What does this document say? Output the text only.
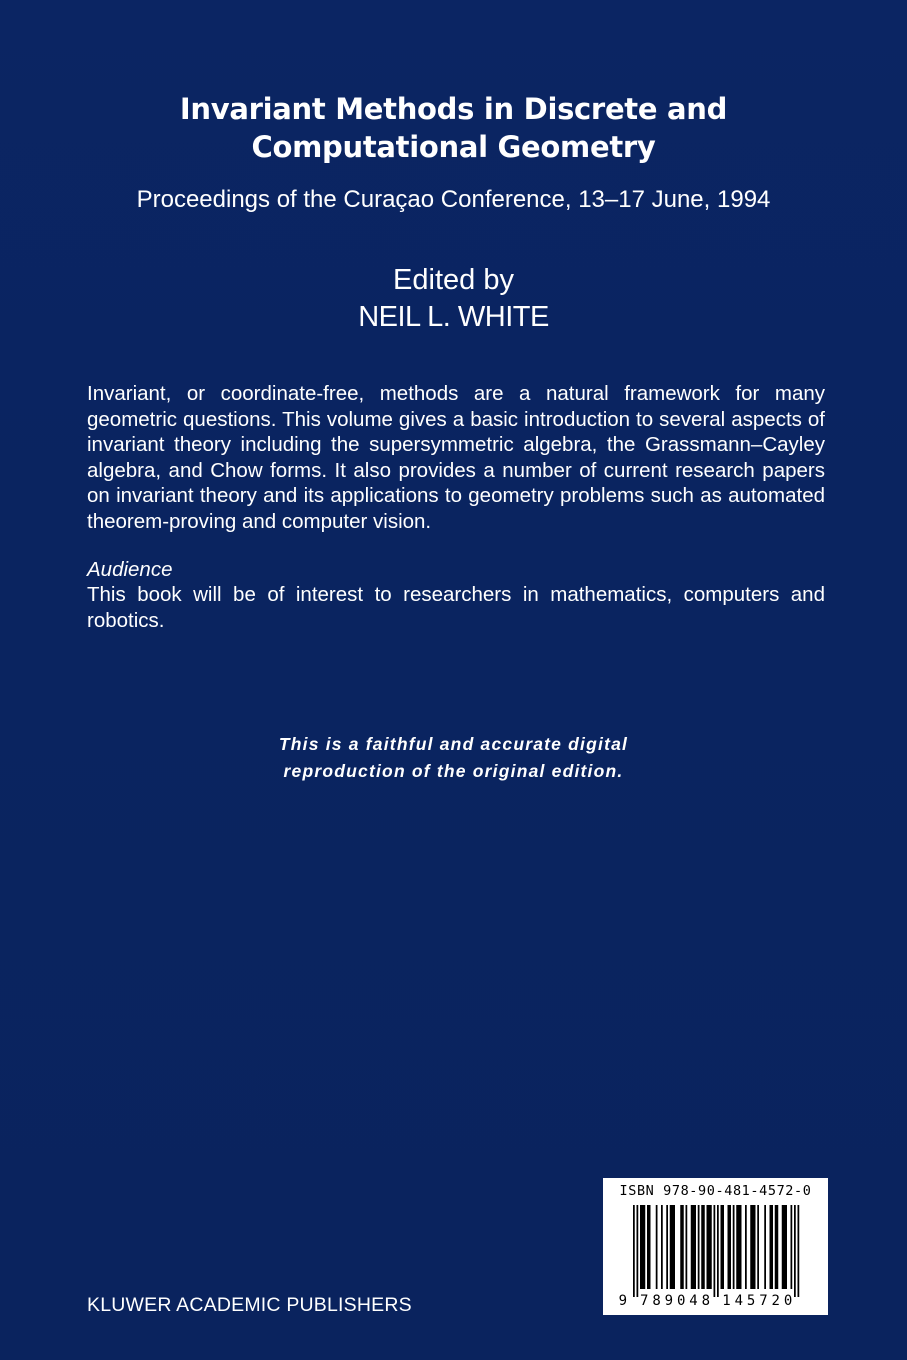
Invariant Methods in Discrete and
Computational Geometry
Proceedings of the Curaçao Conference, 13–17 June, 1994
Edited by
NEIL L. WHITE

Invariant, or coordinate-free, methods are a natural framework for many geometric questions. This volume gives a basic introduction to several aspects of invariant theory including the supersymmetric algebra, the Grassmann–Cayley algebra, and Chow forms. It also provides a number of current research papers on invariant theory and its applications to geometry problems such as automated theorem-proving and computer vision.

Audience

This book will be of interest to researchers in mathematics, computers and robotics.

This is a faithful and accurate digital
reproduction of the original edition.
KLUWER ACADEMIC PUBLISHERS
ISBN 978-90-481-4572-0
9 789048 145720
